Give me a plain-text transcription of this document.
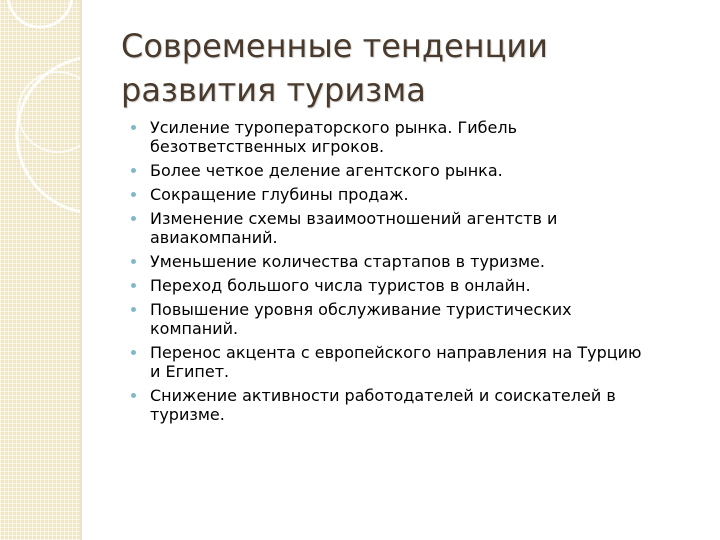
Современные тенденции
развития туризма
Усиление туроператорского рынка. Гибель безответственных игроков.
Более четкое деление агентского рынка.
Сокращение глубины продаж.
Изменение схемы взаимоотношений агентств и авиакомпаний.
Уменьшение количества стартапов в туризме.
Переход большого числа туристов в онлайн.
Повышение уровня обслуживание туристических компаний.
Перенос акцента с европейского направления на Турцию и Египет.
Снижение активности работодателей и соискателей в туризме.
